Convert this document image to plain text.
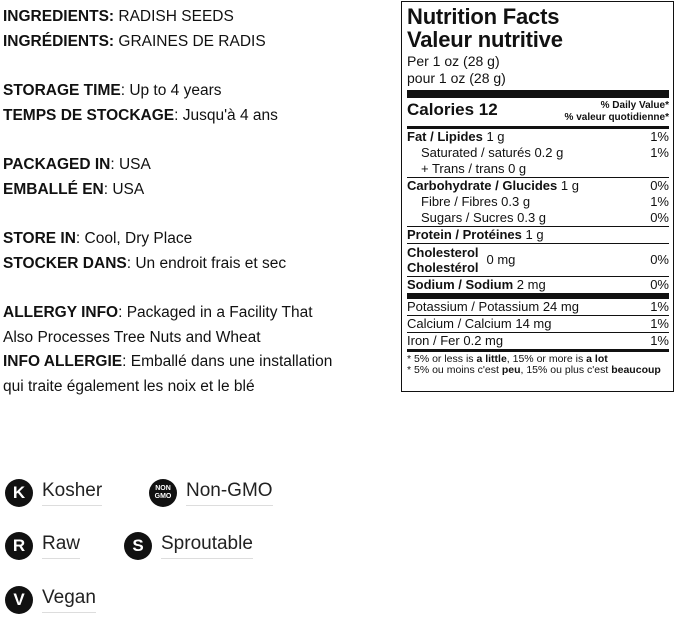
INGREDIENTS: RADISH SEEDS

INGRÉDIENTS: GRAINES DE RADIS

STORAGE TIME: Up to 4 years

TEMPS DE STOCKAGE: Jusqu'à 4 ans

PACKAGED IN: USA

EMBALLÉ EN: USA

STORE IN: Cool, Dry Place

STOCKER DANS: Un endroit frais et sec

ALLERGY INFO: Packaged in a Facility That

Also Processes Tree Nuts and Wheat

INFO ALLERGIE: Emballé dans une installation

qui traite également les noix et le blé

Nutrition Facts
Valeur nutritive
Per 1 oz (28 g)
pour 1 oz (28 g)
Calories 12	% Daily Value*
% valeur quotidienne*
Fat / Lipides 1 g	1%
Saturated / saturés 0.2 g	1%
+ Trans / trans 0 g
Carbohydrate / Glucides 1 g	0%
Fibre / Fibres 0.3 g	1%
Sugars / Sucres 0.3 g	0%
Protein / Protéines 1 g
Cholesterol
Cholestérol
0 mg	0%
Sodium / Sodium 2 mg	0%
Potassium / Potassium 24 mg	1%
Calcium / Calcium 14 mg	1%
Iron / Fer 0.2 mg	1%
* 5% or less is a little, 15% or more is a lot
* 5% ou moins c'est peu, 15% ou plus c'est beaucoup
K Kosher	NON
GMO Non-GMO
R Raw	S Sproutable
V Vegan
